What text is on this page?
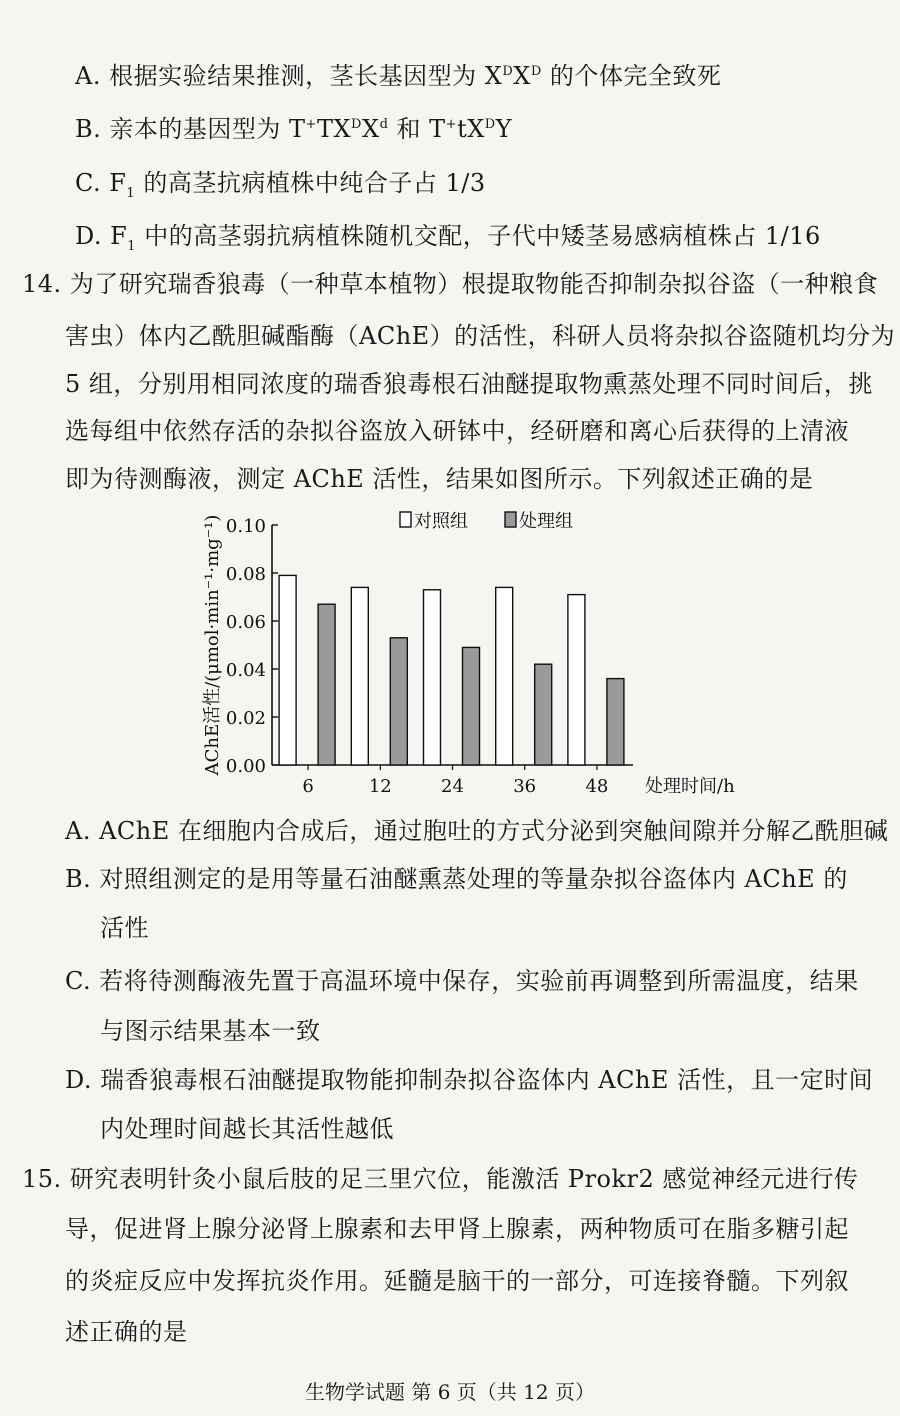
A. 根据实验结果推测，茎长基因型为 $X^DX^D$ 的个体完全致死
B. 亲本的基因型为 $T^+TX^DX^d$ 和 $T^+tX^DY$
C. $F_1$ 的高茎抗病植株中纯合子占 1/3
D. $F_1$ 中的高茎弱抗病植株随机交配，子代中矮茎易感病植株占 1/16
14. 为了研究瑞香狼毒（一种草本植物）根提取物能否抑制杂拟谷盗（一种粮食
害虫）体内乙酰胆碱酯酶（AChE）的活性，科研人员将杂拟谷盗随机均分为
5 组，分别用相同浓度的瑞香狼毒根石油醚提取物熏蒸处理不同时间后，挑
选每组中依然存活的杂拟谷盗放入研钵中，经研磨和离心后获得的上清液
即为待测酶液，测定 AChE 活性，结果如图所示。下列叙述正确的是
0.00
0.02
0.04
0.06
0.08
0.10
AChE活性/(μmol·min⁻¹·mg⁻¹)
6	12	24	36	48 处理时间/h
对照组	处理组
A. AChE 在细胞内合成后，通过胞吐的方式分泌到突触间隙并分解乙酰胆碱
B. 对照组测定的是用等量石油醚熏蒸处理的等量杂拟谷盗体内 AChE 的
活性
C. 若将待测酶液先置于高温环境中保存，实验前再调整到所需温度，结果
与图示结果基本一致
D. 瑞香狼毒根石油醚提取物能抑制杂拟谷盗体内 AChE 活性，且一定时间
内处理时间越长其活性越低
15. 研究表明针灸小鼠后肢的足三里穴位，能激活 Prokr2 感觉神经元进行传
导，促进肾上腺分泌肾上腺素和去甲肾上腺素，两种物质可在脂多糖引起
的炎症反应中发挥抗炎作用。延髓是脑干的一部分，可连接脊髓。下列叙
述正确的是
生物学试题 第 6 页（共 12 页）
